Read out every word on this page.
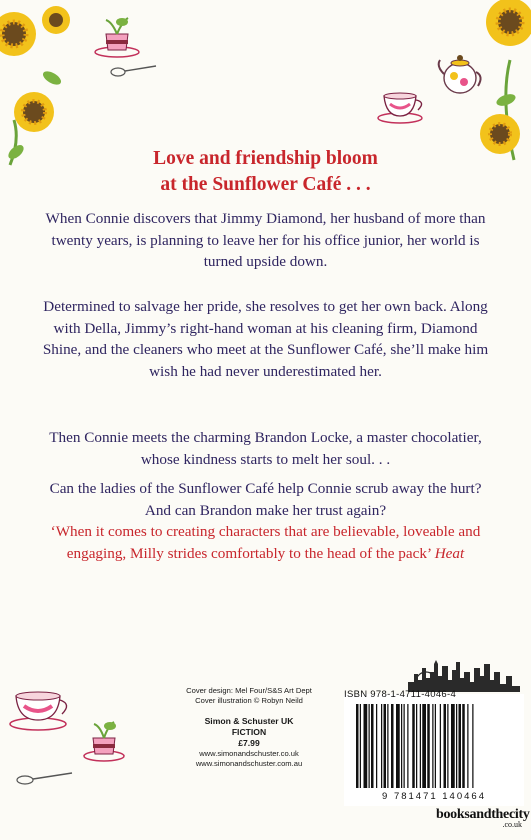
Love and friendship bloom
at the Sunflower Café . . .

When Connie discovers that Jimmy Diamond, her husband of more than twenty years, is planning to leave her for his office junior, her world is turned upside down.

Determined to salvage her pride, she resolves to get her own back. Along with Della, Jimmy’s right-hand woman at his cleaning firm, Diamond Shine, and the cleaners who meet at the Sunflower Café, she’ll make him wish he had never underestimated her.

Then Connie meets the charming Brandon Locke, a master chocolatier, whose kindness starts to melt her soul. . .

Can the ladies of the Sunflower Café help Connie scrub away the hurt? And can Brandon make her trust again?

‘When it comes to creating characters that are believable, loveable and engaging, Milly strides comfortably to the head of the pack’ Heat
Cover design: Mel Four/S&S Art Dept
Cover illustration © Robyn Neild
Simon & Schuster UK
FICTION
£7.99
www.simonandschuster.co.uk
www.simonandschuster.com.au
ISBN 978-1-4711-4046-4
9 781471 140464
booksandthecity
.co.uk
